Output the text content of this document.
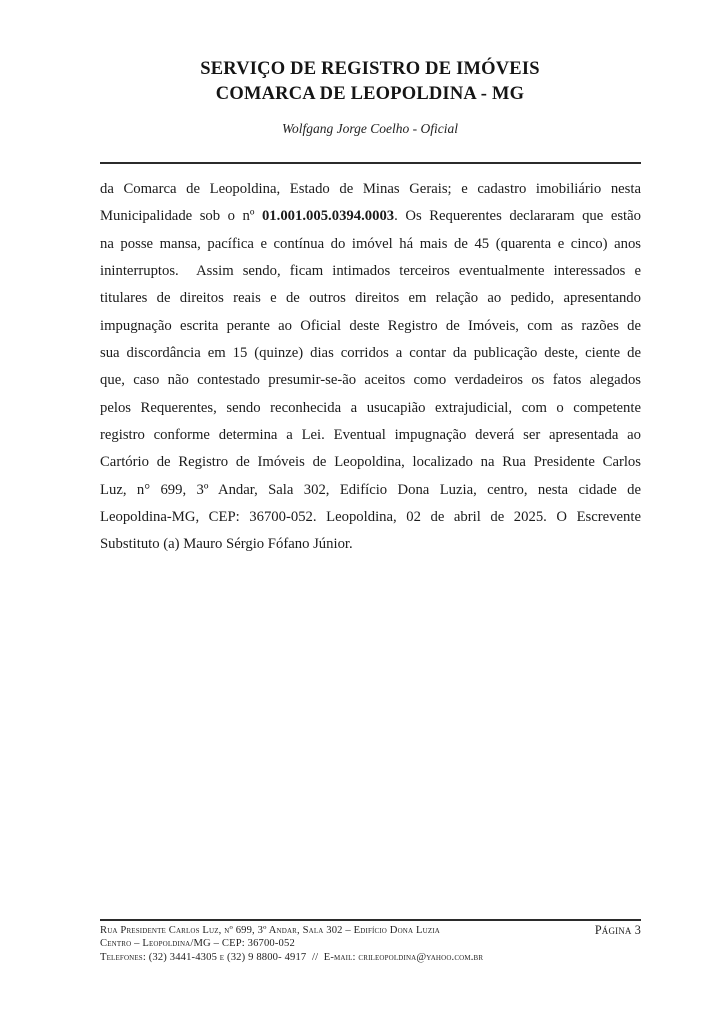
SERVIÇO DE REGISTRO DE IMÓVEIS
COMARCA DE LEOPOLDINA - MG
Wolfgang Jorge Coelho - Oficial
da Comarca de Leopoldina, Estado de Minas Gerais; e cadastro imobiliário nesta
Municipalidade sob o nº 01.001.005.0394.0003. Os Requerentes declararam que estão
na posse mansa, pacífica e contínua do imóvel há mais de 45 (quarenta e cinco) anos
ininterruptos.  Assim sendo, ficam intimados terceiros eventualmente interessados e
titulares de direitos reais e de outros direitos em relação ao pedido, apresentando
impugnação escrita perante ao Oficial deste Registro de Imóveis, com as razões de
sua discordância em 15 (quinze) dias corridos a contar da publicação deste, ciente de
que, caso não contestado presumir-se-ão aceitos como verdadeiros os fatos alegados
pelos Requerentes, sendo reconhecida a usucapião extrajudicial, com o competente
registro conforme determina a Lei. Eventual impugnação deverá ser apresentada ao
Cartório de Registro de Imóveis de Leopoldina, localizado na Rua Presidente Carlos
Luz, n° 699, 3º Andar, Sala 302, Edifício Dona Luzia, centro, nesta cidade de
Leopoldina-MG, CEP: 36700-052. Leopoldina, 02 de abril de 2025. O Escrevente
Substituto (a) Mauro Sérgio Fófano Júnior.
Rua Presidente Carlos Luz, nº 699, 3º Andar, Sala 302 – Edifício Dona Luzia	Página 3
Centro – Leopoldina/MG – CEP: 36700-052
Telefones: (32) 3441-4305 e (32) 9 8800- 4917  //  E-mail: crileopoldina@yahoo.com.br
